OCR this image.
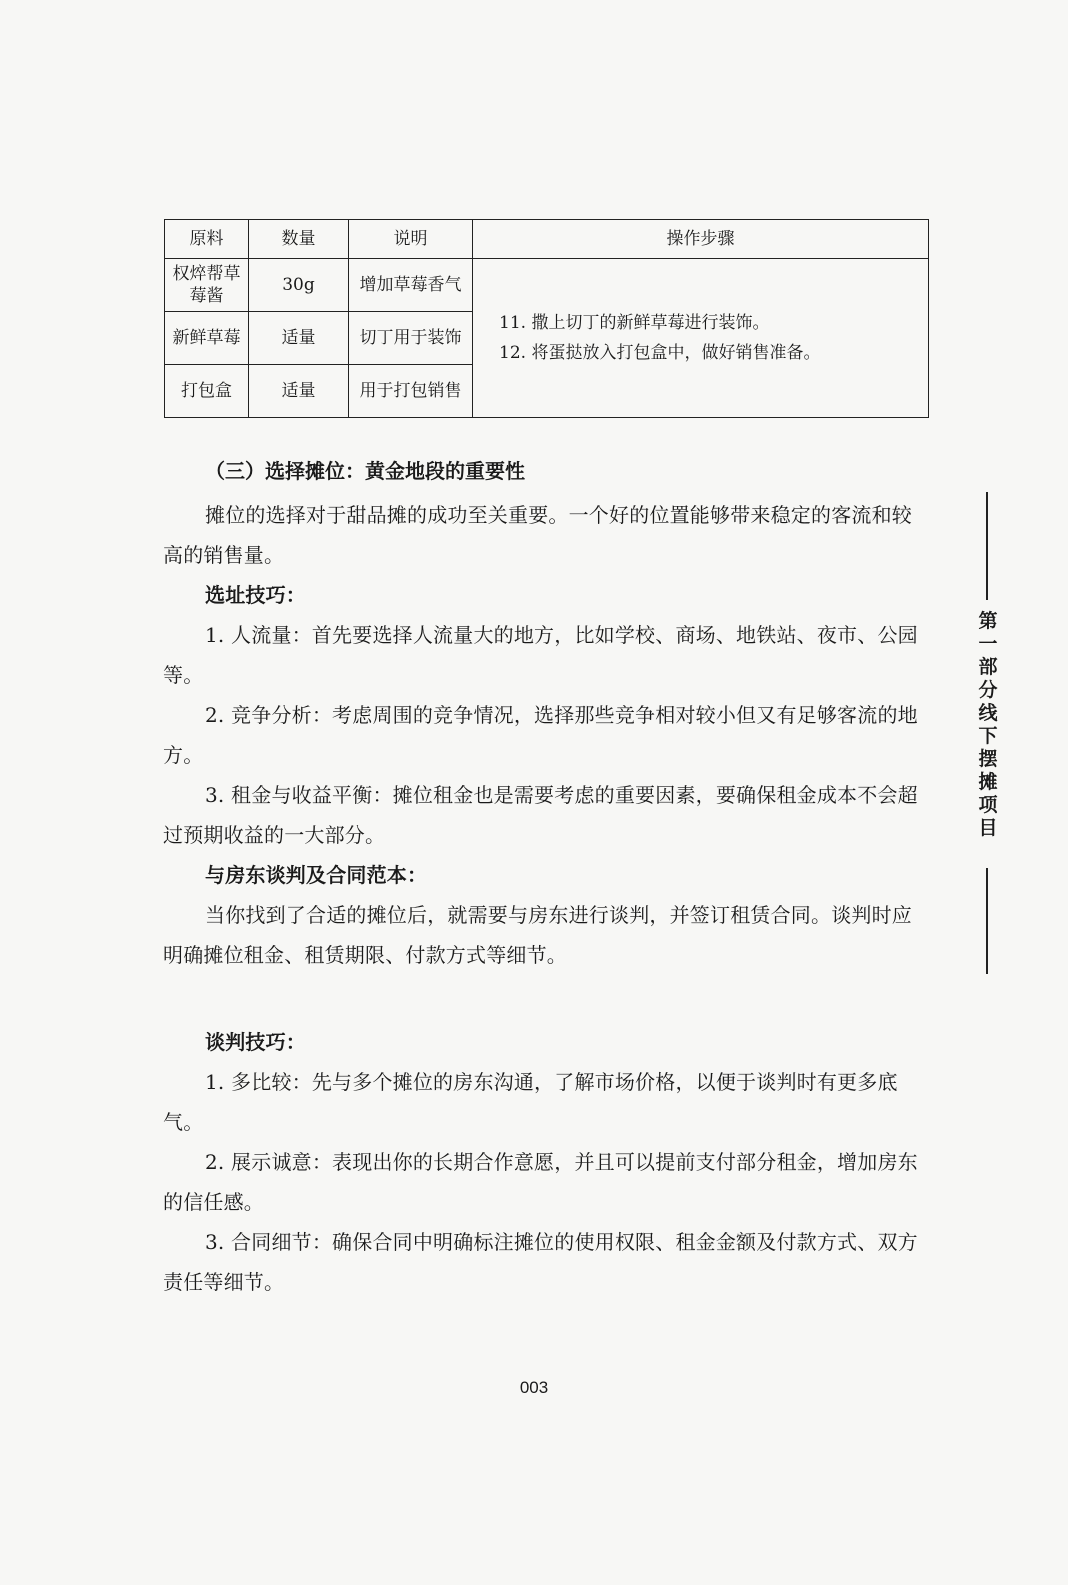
原料	数量	说明	操作步骤
权焠帮草莓酱	30g	增加草莓香气	11. 撒上切丁的新鲜草莓进行装饰。
12. 将蛋挞放入打包盒中，做好销售准备。

新鲜草莓	适量	切丁用于装饰	
打包盒	适量	用于打包销售	
（三）选择摊位：黄金地段的重要性

摊位的选择对于甜品摊的成功至关重要。一个好的位置能够带来稳定的客流和较高的销售量。

选址技巧：

1. 人流量：首先要选择人流量大的地方，比如学校、商场、地铁站、夜市、公园等。

2. 竞争分析：考虑周围的竞争情况，选择那些竞争相对较小但又有足够客流的地方。

3. 租金与收益平衡：摊位租金也是需要考虑的重要因素，要确保租金成本不会超过预期收益的一大部分。

与房东谈判及合同范本：

当你找到了合适的摊位后，就需要与房东进行谈判，并签订租赁合同。谈判时应明确摊位租金、租赁期限、付款方式等细节。

谈判技巧：

1. 多比较：先与多个摊位的房东沟通，了解市场价格，以便于谈判时有更多底气。

2. 展示诚意：表现出你的长期合作意愿，并且可以提前支付部分租金，增加房东的信任感。

3. 合同细节：确保合同中明确标注摊位的使用权限、租金金额及付款方式、双方责任等细节。

第一部分 线下摆摊项目
003
